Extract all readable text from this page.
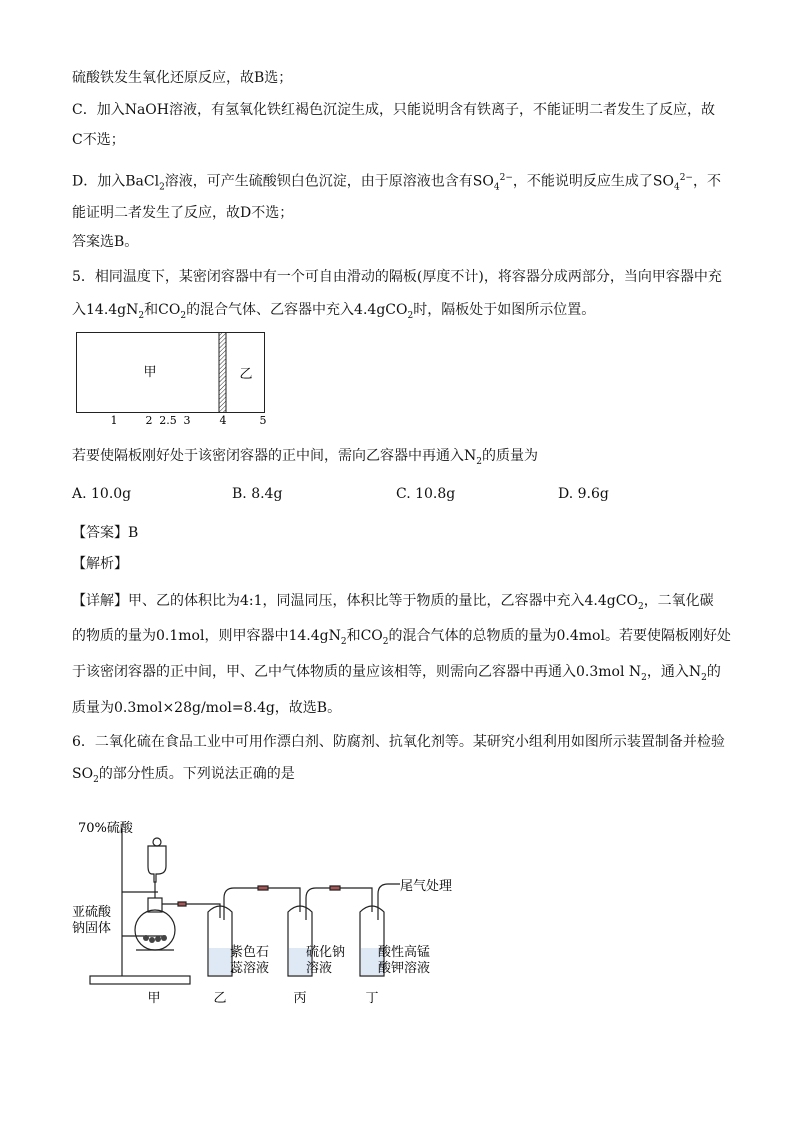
硫酸铁发生氧化还原反应，故B选；
C．加入NaOH溶液，有氢氧化铁红褐色沉淀生成，只能说明含有铁离子，不能证明二者发生了反应，故
C不选；
D．加入BaCl$_2$溶液，可产生硫酸钡白色沉淀，由于原溶液也含有$SO_4^{2-}$，不能说明反应生成了$SO_4^{2-}$，不
能证明二者发生了反应，故D不选；
答案选B。
5．相同温度下，某密闭容器中有一个可自由滑动的隔板(厚度不计)，将容器分成两部分，当向甲容器中充
入$14.4gN_2$和$CO_2$的混合气体、乙容器中充入4.4gCO$_2$时，隔板处于如图所示位置。
甲	乙
1	2 2.5 3	4	5
若要使隔板刚好处于该密闭容器的正中间，需向乙容器中再通入$N_2$的质量为
A. 10.0g	B. 8.4g	C. 10.8g	D. 9.6g
【答案】B
【解析】
【详解】甲、乙的体积比为4:1，同温同压，体积比等于物质的量比，乙容器中充入4.4gCO$_2$，二氧化碳
的物质的量为0.1mol，则甲容器中$14.4gN_2$和$CO_2$的混合气体的总物质的量为0.4mol。若要使隔板刚好处
于该密闭容器的正中间，甲、乙中气体物质的量应该相等，则需向乙容器中再通入0.3mol $N_2$，通入$N_2$的
质量为0.3mol×28g/mol=8.4g，故选B。
6．二氧化硫在食品工业中可用作漂白剂、防腐剂、抗氧化剂等。某研究小组利用如图所示装置制备并检验
$SO_2$的部分性质。下列说法正确的是
70%硫酸
亚硫酸
钠固体
尾气处理
紫色石
蕊溶液
硫化钠
溶液
酸性高锰
酸钾溶液
甲	乙	丙	丁
